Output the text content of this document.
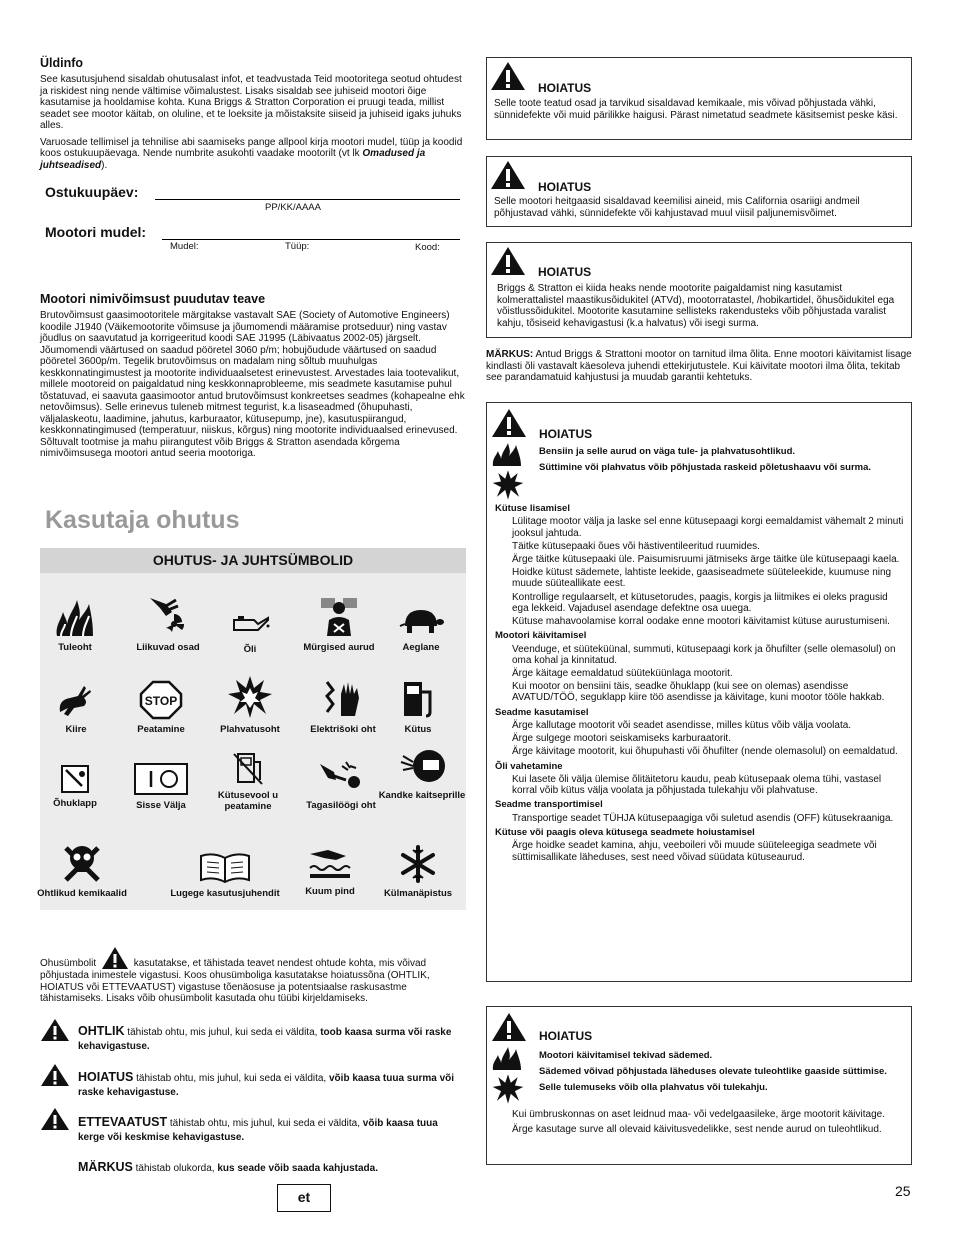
Üldinfo

See kasutusjuhend sisaldab ohutusalast infot, et teadvustada Teid mootoritega seotud ohtudest ja riskidest ning nende vältimise võimalustest. Lisaks sisaldab see juhiseid mootori õige kasutamise ja hooldamise kohta. Kuna Briggs & Stratton Corporation ei pruugi teada, millist seadet see mootor käitab, on oluline, et te loeksite ja mõistaksite siiseid ja juhiseid igaks juhuks alles.

Varuosade tellimisel ja tehnilise abi saamiseks pange allpool kirja mootori mudel, tüüp ja koodid koos ostukuupäevaga. Nende numbrite asukohti vaadake mootorilt (vt lk Omadused ja juhtseadised).

Ostukuupäev:
PP/KK/AAAA
Mootori mudel:
Mudel:	Tüüp:	Kood:
Mootori nimivõimsust puudutav teave

Brutovõimsust gaasimootoritele märgitakse vastavalt SAE (Society of Automotive Engineers) koodile J1940 (Väikemootorite võimsuse ja jõumomendi määramise protseduur) ning vastav jõudlus on saavutatud ja korrigeeritud koodi SAE J1995 (Läbivaatus 2002-05) järgselt. Jõumomendi väärtused on saadud pööretel 3060 p/m; hobujõudude väärtused on saadud pööretel 3600p/m. Tegelik brutovõimsus on madalam ning sõltub muuhulgas keskkonnatingimustest ja mootorite individuaalsetest erinevustest. Arvestades laia tootevalikut, millele mootoreid on paigaldatud ning keskkonnaprobleeme, mis seadmete kasutamise puhul tõstatuvad, ei saavuta gaasimootor antud brutovõimsust konkreetses seadmes (kohapealne ehk netovõimsus). Selle erinevus tuleneb mitmest tegurist, k.a lisaseadmed (õhupuhasti, väljalaskeotu, laadimine, jahutus, karburaator, kütusepump, jne), kasutuspiirangud, keskkonnatingimused (temperatuur, niiskus, kõrgus) ning mootorite individuaalsed erinevused. Sõltuvalt tootmise ja mahu piirangutest võib Briggs & Stratton asendada kõrgema nimivõimsusega mootori antud seeria mootoriga.

Kasutaja ohutus
OHUTUS- JA JUHTSÜMBOLID
Tuleoht	Liikuvad osad	Õli	Mürgised aurud	Aeglane
Kiire
STOP
Peatamine	Plahvatusoht	Elektrišoki oht	Kütus
Õhuklapp	Sisse Välja
Kütusevool u peatamine	Tagasilöögi oht
Kandke kaitseprille
Ohtlikud kemikaalid	Lugege kasutusjuhendit	Kuum pind	Külmanäpistus
Ohusümbolit	kasutatakse, et tähistada teavet nendest ohtude kohta, mis võivad põhjustada inimestele vigastusi. Koos ohusümboliga kasutatakse hoiatussõna (OHTLIK, HOIATUS või ETTEVAATUST) vigastuse tõenäosuse ja potentsiaalse raskusastme tähistamiseks. Lisaks võib ohusümbolit kasutada ohu tüübi kirjeldamiseks.
OHTLIK tähistab ohtu, mis juhul, kui seda ei väldita, toob kaasa surma või raske kehavigastuse.
HOIATUS tähistab ohtu, mis juhul, kui seda ei väldita, võib kaasa tuua surma või raske kehavigastuse.
ETTEVAATUST tähistab ohtu, mis juhul, kui seda ei väldita, võib kaasa tuua kerge või keskmise kehavigastuse.
MÄRKUS tähistab olukorda, kus seade võib saada kahjustada.
et	25
HOIATUS
Selle toote teatud osad ja tarvikud sisaldavad kemikaale, mis võivad põhjustada vähki, sünnidefekte või muid pärilikke haigusi. Pärast nimetatud seadmete käsitsemist peske käsi.
HOIATUS
Selle mootori heitgaasid sisaldavad keemilisi aineid, mis California osariigi andmeil põhjustavad vähki, sünnidefekte või kahjustavad muul viisil paljunemisvõimet.
HOIATUS
Briggs & Stratton ei kiida heaks nende mootorite paigaldamist ning kasutamist kolmerattalistel maastikusõidukitel (ATVd), mootorratastel, /hobikartidel, õhusõidukitel ega võistlussõidukitel. Mootorite kasutamine sellisteks rakendusteks võib põhjustada varalist kahju, tõsiseid kehavigastusi (k.a halvatus) või isegi surma.
MÄRKUS: Antud Briggs & Strattoni mootor on tarnitud ilma õlita. Enne mootori käivitamist lisage kindlasti õli vastavalt käesoleva juhendi ettekirjutustele. Kui käivitate mootori ilma õlita, tekitab see parandamatuid kahjustusi ja muudab garantii kehtetuks.
HOIATUS

Bensiin ja selle aurud on väga tule- ja plahvatusohtlikud.

Süttimine või plahvatus võib põhjustada raskeid põletushaavu või surma.

Kütuse lisamisel
Lülitage mootor välja ja laske sel enne kütusepaagi korgi eemaldamist vähemalt 2 minuti jooksul jahtuda.
Täitke kütusepaaki õues või hästiventileeritud ruumides.
Ärge täitke kütusepaaki üle. Paisumisruumi jätmiseks ärge täitke üle kütusepaagi kaela.
Hoidke kütust sädemete, lahtiste leekide, gaasiseadmete süüteleekide, kuumuse ning muude süüteallikate eest.
Kontrollige regulaarselt, et kütusetorudes, paagis, korgis ja liitmikes ei oleks pragusid ega lekkeid. Vajadusel asendage defektne osa uuega.
Kütuse mahavoolamise korral oodake enne mootori käivitamist kütuse aurustumiseni.
Mootori käivitamisel
Veenduge, et süüteküünal, summuti, kütusepaagi kork ja õhufilter (selle olemasolul) on oma kohal ja kinnitatud.
Ärge käitage eemaldatud süüteküünlaga mootorit.
Kui mootor on bensiini täis, seadke õhuklapp (kui see on olemas) asendisse AVATUD/TÖÖ, seguklapp kiire töö asendisse ja käivitage, kuni mootor tööle hakkab.
Seadme kasutamisel
Ärge kallutage mootorit või seadet asendisse, milles kütus võib välja voolata.
Ärge sulgege mootori seiskamiseks karburaatorit.
Ärge käivitage mootorit, kui õhupuhasti või õhufilter (nende olemasolul) on eemaldatud.
Õli vahetamine
Kui lasete õli välja ülemise õlitäitetoru kaudu, peab kütusepaak olema tühi, vastasel korral võib kütus välja voolata ja põhjustada tulekahju või plahvatuse.
Seadme transportimisel
Transportige seadet TÜHJA kütusepaagiga või suletud asendis (OFF) kütusekraaniga.
Kütuse või paagis oleva kütusega seadmete hoiustamisel
Ärge hoidke seadet kamina, ahju, veeboileri või muude süüteleegiga seadmete või süttimisallikate läheduses, sest need võivad süüdata kütuseaurud.
HOIATUS

Mootori käivitamisel tekivad sädemed.

Sädemed võivad põhjustada läheduses olevate tuleohtlike gaaside süttimise.

Selle tulemuseks võib olla plahvatus või tulekahju.

Kui ümbruskonnas on aset leidnud maa- või vedelgaasileke, ärge mootorit käivitage.
Ärge kasutage surve all olevaid käivitusvedelikke, sest nende aurud on tuleohtlikud.
